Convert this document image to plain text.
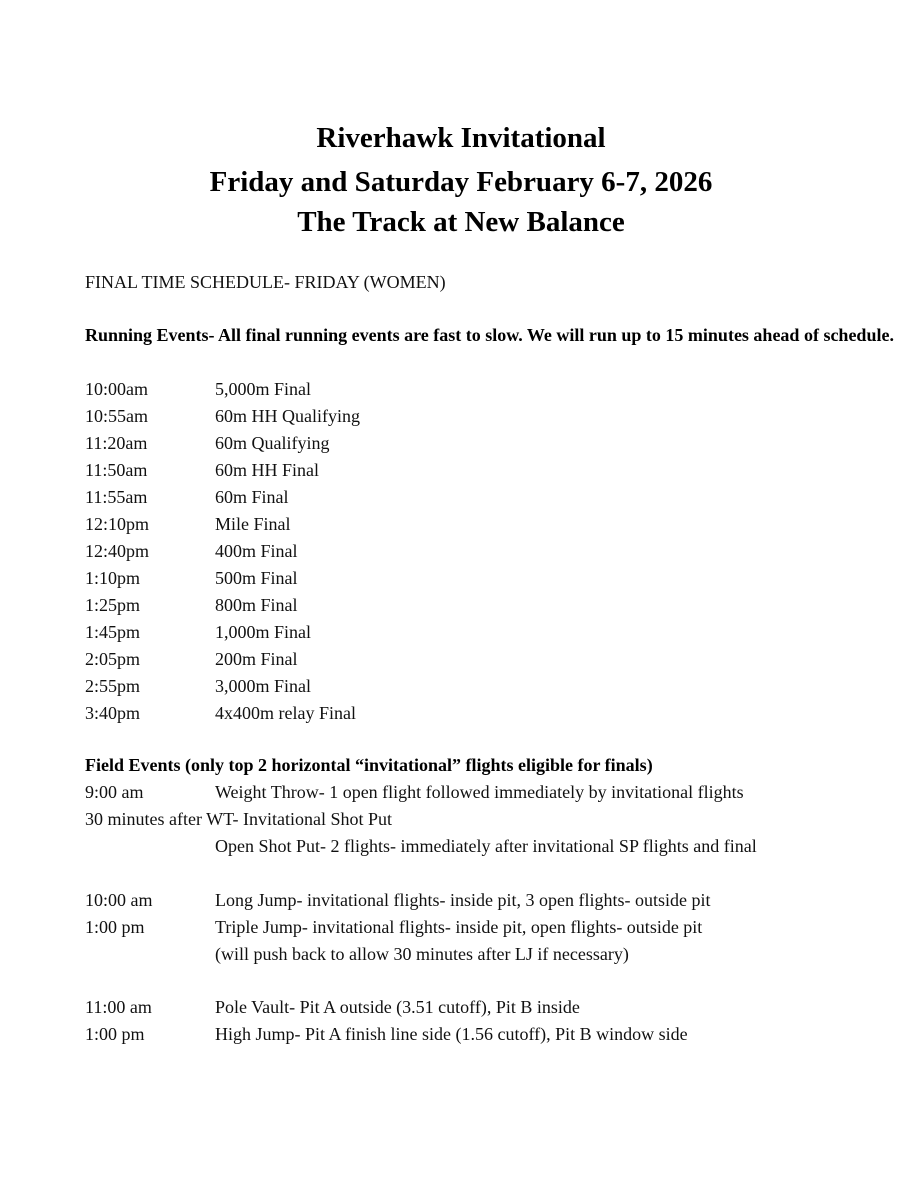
Riverhawk Invitational
Friday and Saturday February 6-7, 2026
The Track at New Balance
FINAL TIME SCHEDULE- FRIDAY (WOMEN)
Running Events- All final running events are fast to slow. We will run up to 15 minutes ahead of schedule.
10:00am	5,000m Final
10:55am	60m HH Qualifying
11:20am	60m Qualifying
11:50am	60m HH Final
11:55am	60m Final
12:10pm	Mile Final
12:40pm	400m Final
1:10pm	500m Final
1:25pm	800m Final
1:45pm	1,000m Final
2:05pm	200m Final
2:55pm	3,000m Final
3:40pm	4x400m relay Final
Field Events (only top 2 horizontal “invitational” flights eligible for finals)
9:00 am	Weight Throw- 1 open flight followed immediately by invitational flights
30 minutes after WT- Invitational Shot Put
Open Shot Put- 2 flights- immediately after invitational SP flights and final
10:00 am	Long Jump- invitational flights- inside pit, 3 open flights- outside pit
1:00 pm	Triple Jump- invitational flights- inside pit, open flights- outside pit
(will push back to allow 30 minutes after LJ if necessary)
11:00 am	Pole Vault- Pit A outside (3.51 cutoff), Pit B inside
1:00 pm	High Jump- Pit A finish line side (1.56 cutoff), Pit B window side
